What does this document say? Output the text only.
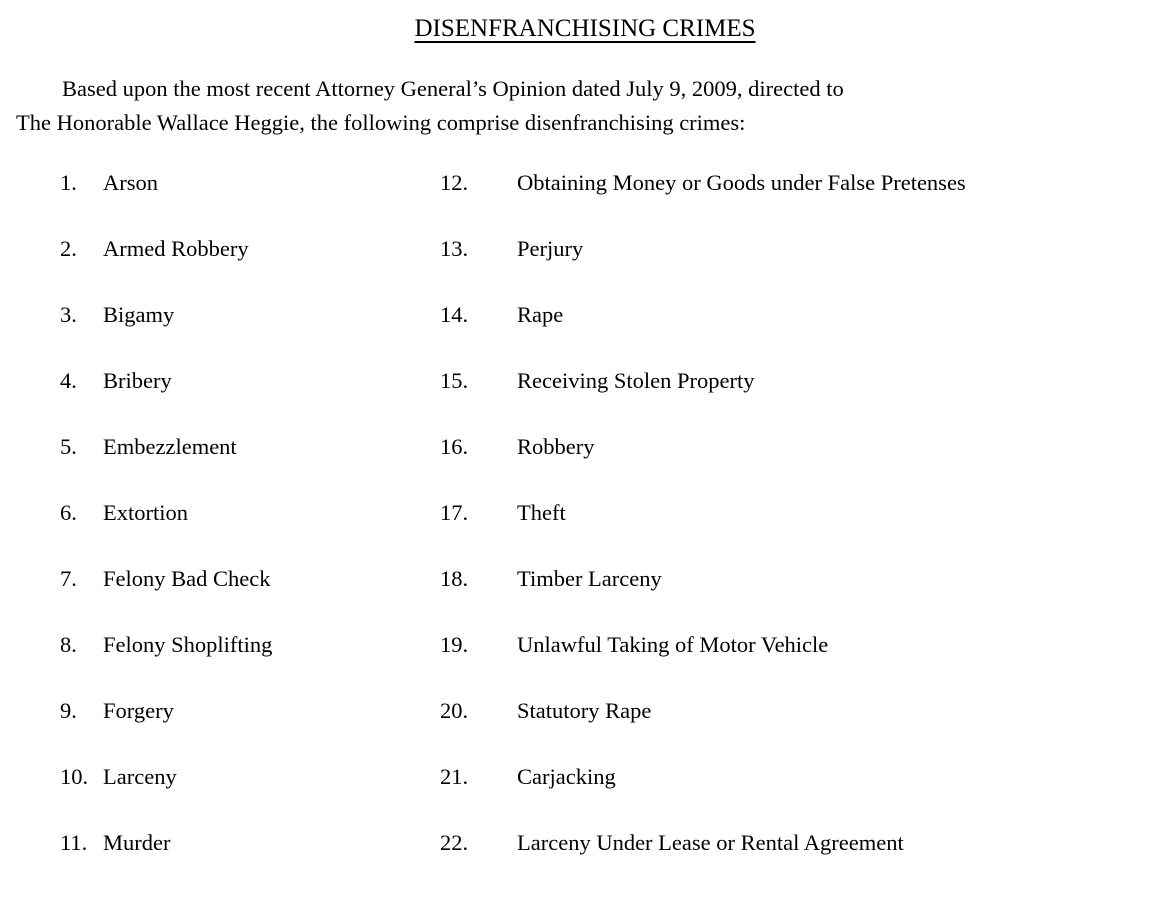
DISENFRANCHISING CRIMES
Based upon the most recent Attorney General’s Opinion dated July 9, 2009, directed to
The Honorable Wallace Heggie, the following comprise disenfranchising crimes:
1.	Arson
2.	Armed Robbery
3.	Bigamy
4.	Bribery
5.	Embezzlement
6.	Extortion
7.	Felony Bad Check
8.	Felony Shoplifting
9.	Forgery
10. Larceny
11. Murder
12.	Obtaining Money or Goods under False Pretenses
13.	Perjury
14.	Rape
15.	Receiving Stolen Property
16.	Robbery
17.	Theft
18.	Timber Larceny
19.	Unlawful Taking of Motor Vehicle
20.	Statutory Rape
21.	Carjacking
22.	Larceny Under Lease or Rental Agreement
